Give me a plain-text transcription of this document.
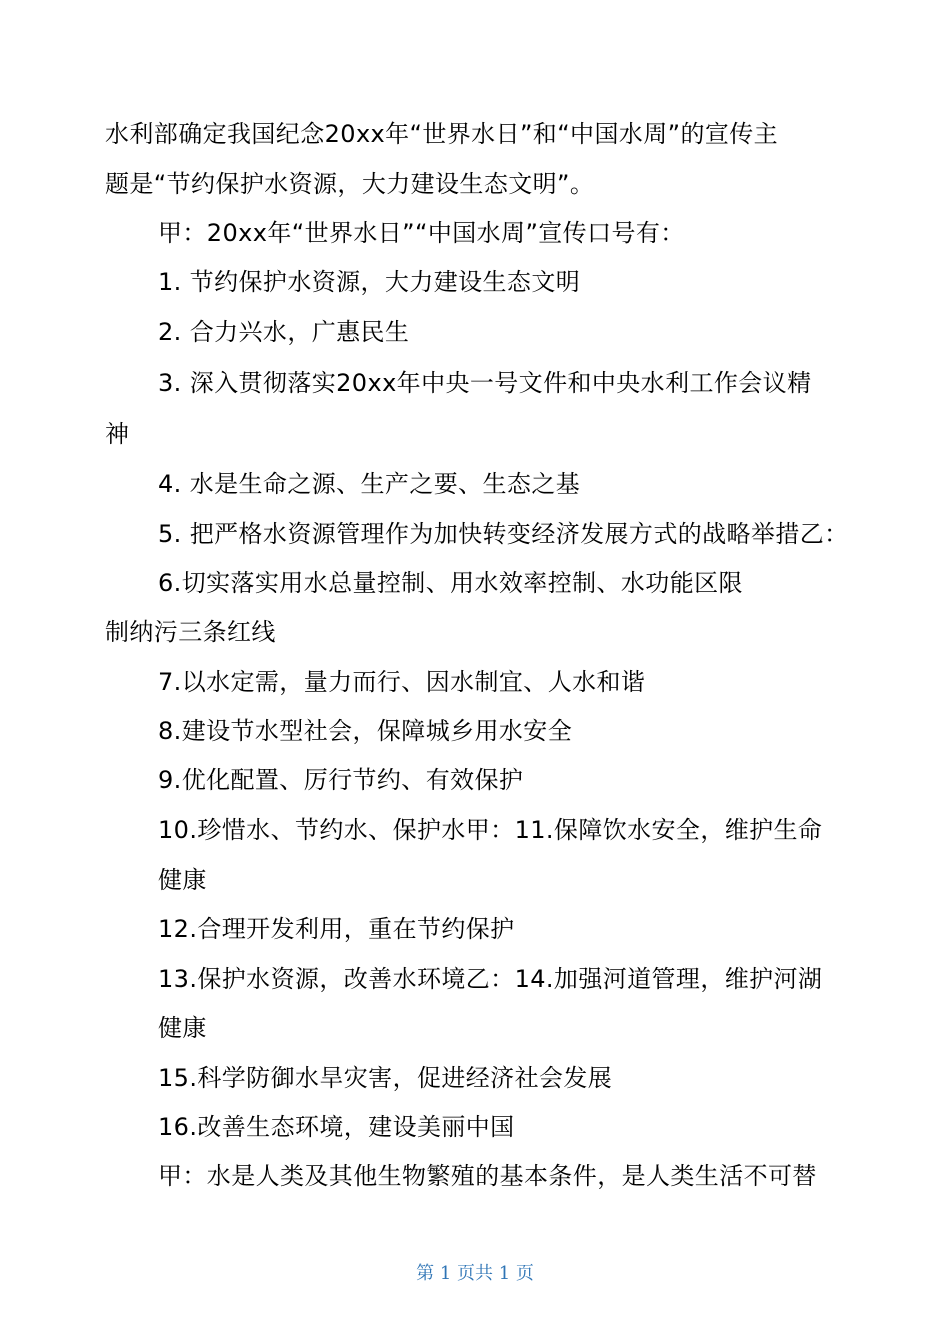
水利部确定我国纪念20xx年“世界水日”和“中国水周”的宣传主

题是“节约保护水资源，大力建设生态文明”。

甲：20xx年“世界水日”“中国水周”宣传口号有：

1. 节约保护水资源，大力建设生态文明

2. 合力兴水，广惠民生

3. 深入贯彻落实20xx年中央一号文件和中央水利工作会议精

神

4. 水是生命之源、生产之要、生态之基

5. 把严格水资源管理作为加快转变经济发展方式的战略举措乙：

6.切实落实用水总量控制、用水效率控制、水功能区限

制纳污三条红线

7.以水定需，量力而行、因水制宜、人水和谐

8.建设节水型社会，保障城乡用水安全

9.优化配置、厉行节约、有效保护

10.珍惜水、节约水、保护水甲：11.保障饮水安全，维护生命

健康

12.合理开发利用，重在节约保护

13.保护水资源，改善水环境乙：14.加强河道管理，维护河湖

健康

15.科学防御水旱灾害，促进经济社会发展

16.改善生态环境，建设美丽中国

甲：水是人类及其他生物繁殖的基本条件，是人类生活不可替

第 1 页共 1 页
